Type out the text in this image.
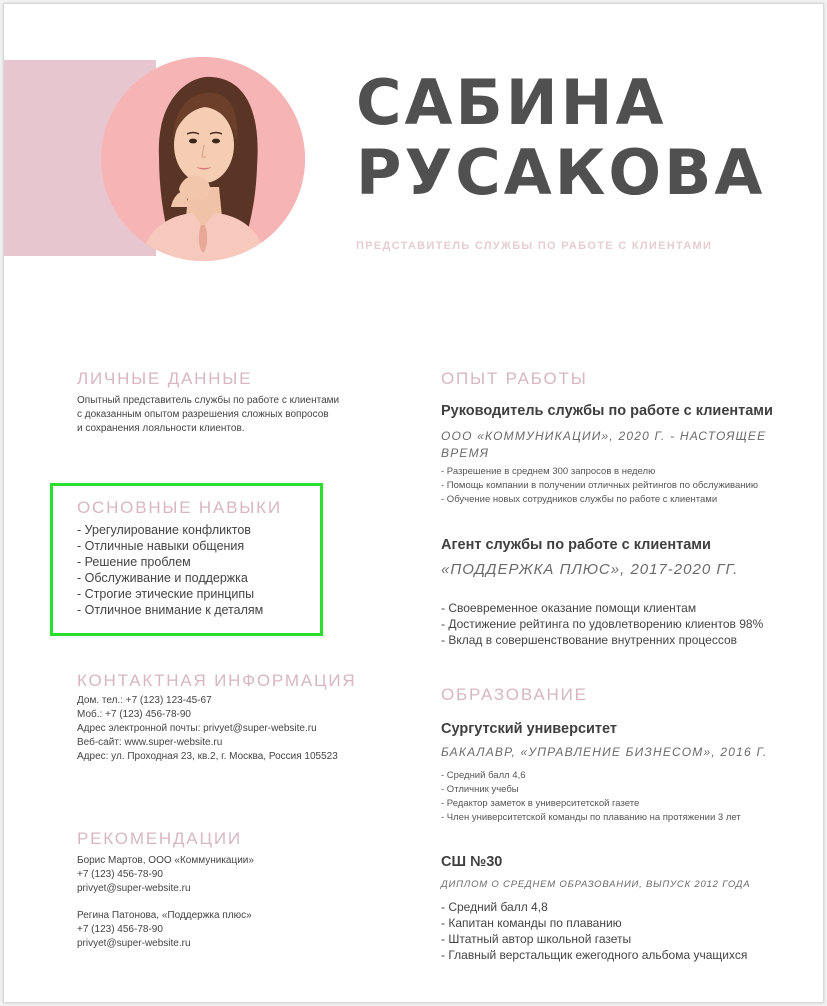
САБИНА
РУСАКОВА
ПРЕДСТАВИТЕЛЬ СЛУЖБЫ ПО РАБОТЕ С КЛИЕНТАМИ
ЛИЧНЫЕ ДАННЫЕ
Опытный представитель службы по работе с клиентами
с доказанным опытом разрешения сложных вопросов
и сохранения лояльности клиентов.
ОСНОВНЫЕ НАВЫКИ
- Урегулирование конфликтов
- Отличные навыки общения
- Решение проблем
- Обслуживание и поддержка
- Строгие этические принципы
- Отличное внимание к деталям
КОНТАКТНАЯ ИНФОРМАЦИЯ
Дом. тел.: +7 (123) 123-45-67
Моб.: +7 (123) 456-78-90
Адрес электронной почты: privyet@super-website.ru
Веб-сайт: www.super-website.ru
Адрес: ул. Проходная 23, кв.2, г. Москва, Россия 105523
РЕКОМЕНДАЦИИ
Борис Мартов, ООО «Коммуникации»
+7 (123) 456-78-90
privyet@super-website.ru
Регина Патонова, «Поддержка плюс»
+7 (123) 456-78-90
privyet@super-website.ru
ОПЫТ РАБОТЫ
Руководитель службы по работе с клиентами
ООО «КОММУНИКАЦИИ», 2020 Г. - НАСТОЯЩЕЕ
ВРЕМЯ
- Разрешение в среднем 300 запросов в неделю
- Помощь компании в получении отличных рейтингов по обслуживанию
- Обучение новых сотрудников службы по работе с клиентами
Агент службы по работе с клиентами
«ПОДДЕРЖКА ПЛЮС», 2017-2020 ГГ.
- Своевременное оказание помощи клиентам
- Достижение рейтинга по удовлетворению клиентов 98%
- Вклад в совершенствование внутренних процессов
ОБРАЗОВАНИЕ
Сургутский университет
БАКАЛАВР, «УПРАВЛЕНИЕ БИЗНЕСОМ», 2016 Г.
- Средний балл 4,6
- Отличник учебы
- Редактор заметок в университетской газете
- Член университетской команды по плаванию на протяжении 3 лет
СШ №30
ДИПЛОМ О СРЕДНЕМ ОБРАЗОВАНИИ, ВЫПУСК 2012 ГОДА
- Средний балл 4,8
- Капитан команды по плаванию
- Штатный автор школьной газеты
- Главный верстальщик ежегодного альбома учащихся
